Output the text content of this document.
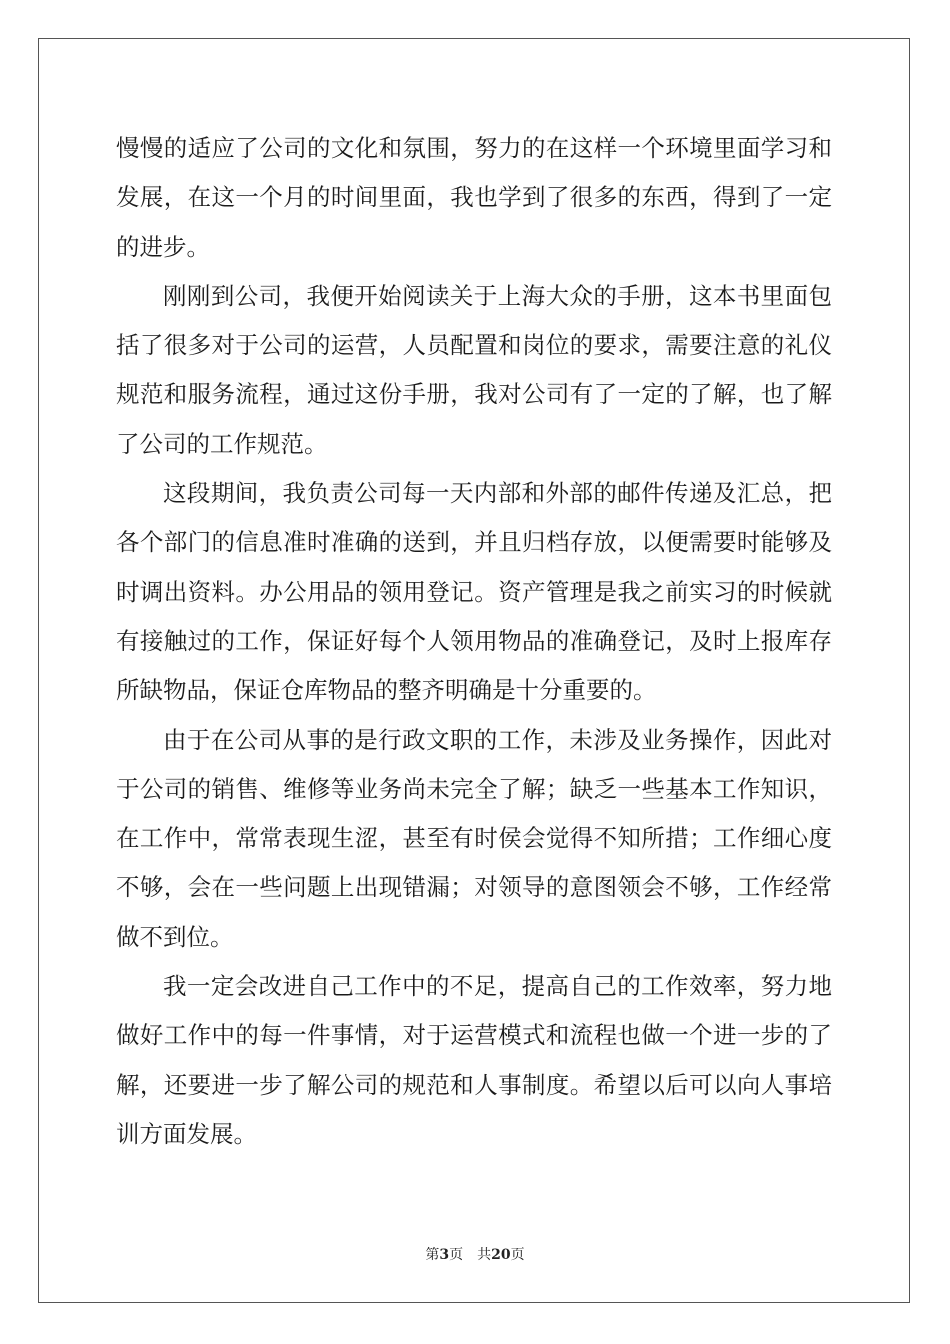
慢慢的适应了公司的文化和氛围，努力的在这样一个环境里面学习和
发展，在这一个月的时间里面，我也学到了很多的东西，得到了一定
的进步。
刚刚到公司，我便开始阅读关于上海大众的手册，这本书里面包
括了很多对于公司的运营，人员配置和岗位的要求，需要注意的礼仪
规范和服务流程，通过这份手册，我对公司有了一定的了解，也了解
了公司的工作规范。
这段期间，我负责公司每一天内部和外部的邮件传递及汇总，把
各个部门的信息准时准确的送到，并且归档存放，以便需要时能够及
时调出资料。办公用品的领用登记。资产管理是我之前实习的时候就
有接触过的工作，保证好每个人领用物品的准确登记，及时上报库存
所缺物品，保证仓库物品的整齐明确是十分重要的。
由于在公司从事的是行政文职的工作，未涉及业务操作，因此对
于公司的销售、维修等业务尚未完全了解；缺乏一些基本工作知识，
在工作中，常常表现生涩，甚至有时侯会觉得不知所措；工作细心度
不够，会在一些问题上出现错漏；对领导的意图领会不够，工作经常
做不到位。
我一定会改进自己工作中的不足，提高自己的工作效率，努力地
做好工作中的每一件事情，对于运营模式和流程也做一个进一步的了
解，还要进一步了解公司的规范和人事制度。希望以后可以向人事培
训方面发展。
第3页 共20页
